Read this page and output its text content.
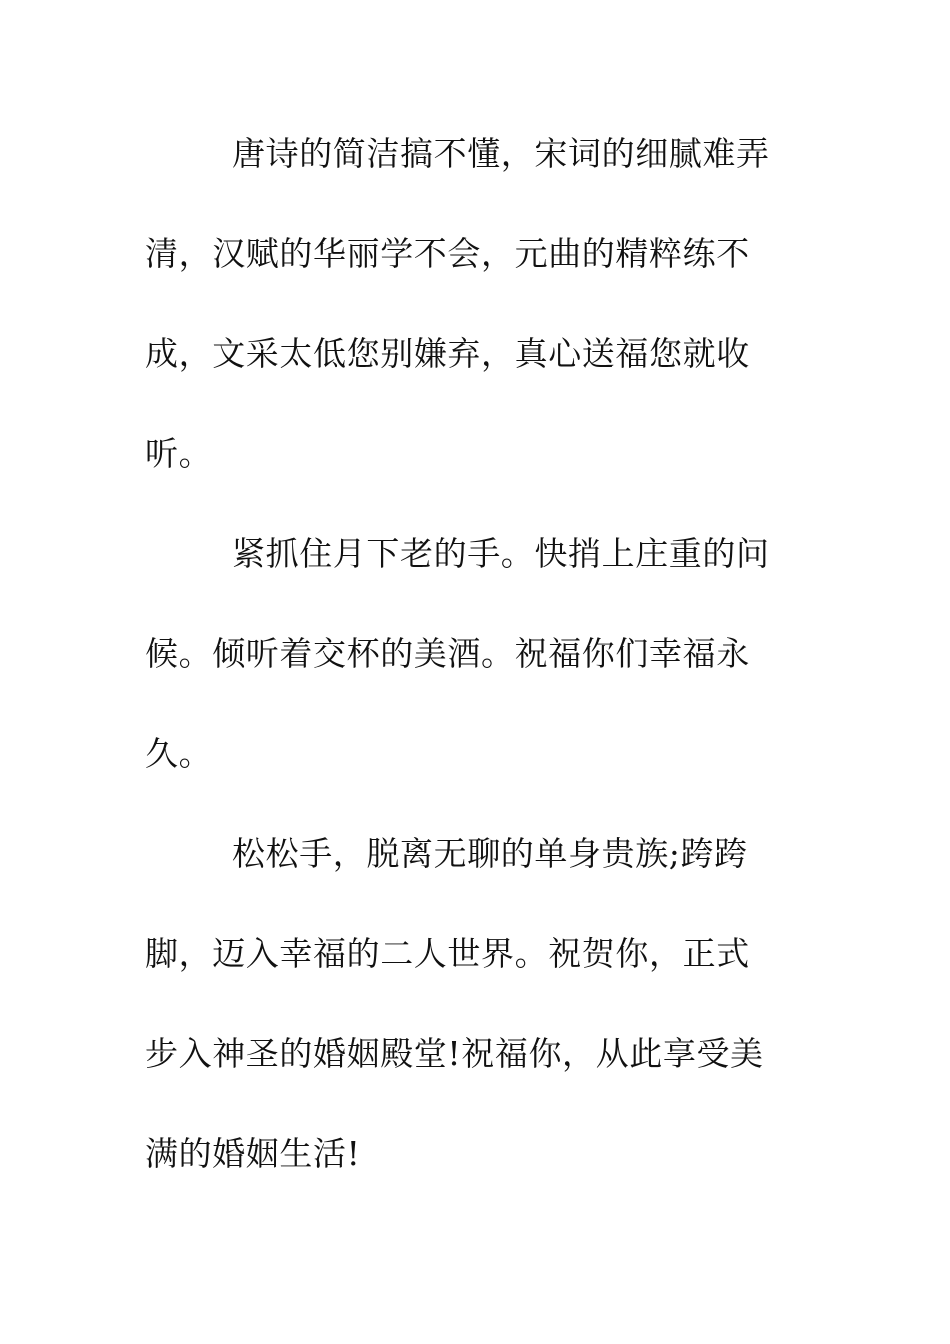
唐诗的简洁搞不懂，宋词的细腻难弄
清，汉赋的华丽学不会，元曲的精粹练不
成，文采太低您别嫌弃，真心送福您就收
听。
紧抓住月下老的手。快捎上庄重的问
候。倾听着交杯的美酒。祝福你们幸福永
久。
松松手，脱离无聊的单身贵族;跨跨
脚，迈入幸福的二人世界。祝贺你，正式
步入神圣的婚姻殿堂!祝福你，从此享受美
满的婚姻生活!
